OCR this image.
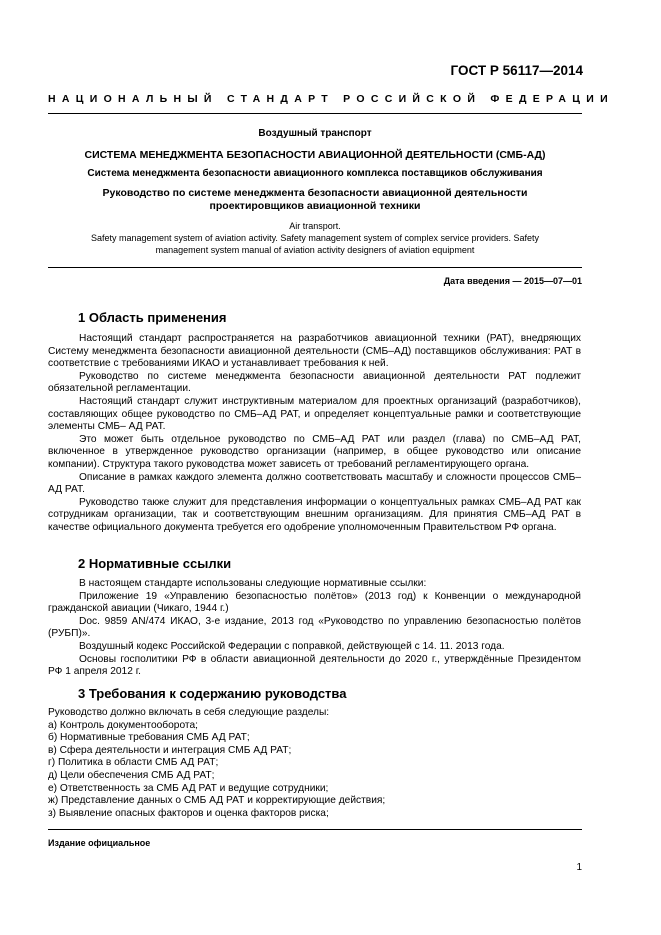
ГОСТ Р 56117—2014
НАЦИОНАЛЬНЫЙ СТАНДАРТ РОССИЙСКОЙ ФЕДЕРАЦИИ
Воздушный транспорт
СИСТЕМА МЕНЕДЖМЕНТА БЕЗОПАСНОСТИ АВИАЦИОННОЙ ДЕЯТЕЛЬНОСТИ (СМБ-АД)
Система менеджмента безопасности авиационного комплекса поставщиков обслуживания
Руководство по системе менеджмента безопасности авиационной деятельности
проектировщиков авиационной техники
Air transport.
Safety management system of aviation activity. Safety management system of complex service providers. Safety
management system manual of aviation activity designers of aviation equipment
Дата введения — 2015—07—01
1 Область применения

Настоящий стандарт распространяется на разработчиков авиационной техники (PAT), внедряющих Систему менеджмента безопасности авиационной деятельности (СМБ–АД) поставщиков обслуживания: PAT в соответствие с требованиями ИКАО и устанавливает требования к ней.

Руководство по системе менеджмента безопасности авиационной деятельности PAT подлежит обязательной регламентации.

Настоящий стандарт служит инструктивным материалом для проектных организаций (разработчиков), составляющих общее руководство по СМБ–АД РАТ, и определяет концептуальные рамки и соответствующие элементы СМБ– АД РАТ.

Это может быть отдельное руководство по СМБ–АД РАТ или раздел (глава) по СМБ–АД РАТ, включенное в утвержденное руководство организации (например, в общее руководство или описание компании). Структура такого руководства может зависеть от требований регламентирующего органа.

Описание в рамках каждого элемента должно соответствовать масштабу и сложности процессов СМБ–АД РАТ.

Руководство также служит для представления информации о концептуальных рамках СМБ–АД РАТ как сотрудникам организации, так и соответствующим внешним организациям. Для принятия СМБ–АД РАТ в качестве официального документа требуется его одобрение уполномоченным Правительством РФ органа.

2 Нормативные ссылки

В настоящем стандарте использованы следующие нормативные ссылки:

Приложение 19 «Управлению безопасностью полётов» (2013 год) к Конвенции о международной гражданской авиации (Чикаго, 1944 г.)

Doc. 9859 AN/474 ИКАО, 3-е издание, 2013 год «Руководство по управлению безопасностью полётов (РУБП)».

Воздушный кодекс Российской Федерации с поправкой, действующей с 14. 11. 2013 года.

Основы госполитики РФ в области авиационной деятельности до 2020 г., утверждённые Президентом РФ 1 апреля 2012 г.

3 Требования к содержанию руководства
Руководство должно включать в себя следующие разделы:
а) Контроль документооборота;
б) Нормативные требования СМБ АД РАТ;
в) Сфера деятельности и интеграция СМБ АД РАТ;
г) Политика в области СМБ АД РАТ;
д) Цели обеспечения СМБ АД РАТ;
е) Ответственность за СМБ АД РАТ и ведущие сотрудники;
ж) Представление данных о СМБ АД РАТ и корректирующие действия;
з) Выявление опасных факторов и оценка факторов риска;
Издание официальное
1
